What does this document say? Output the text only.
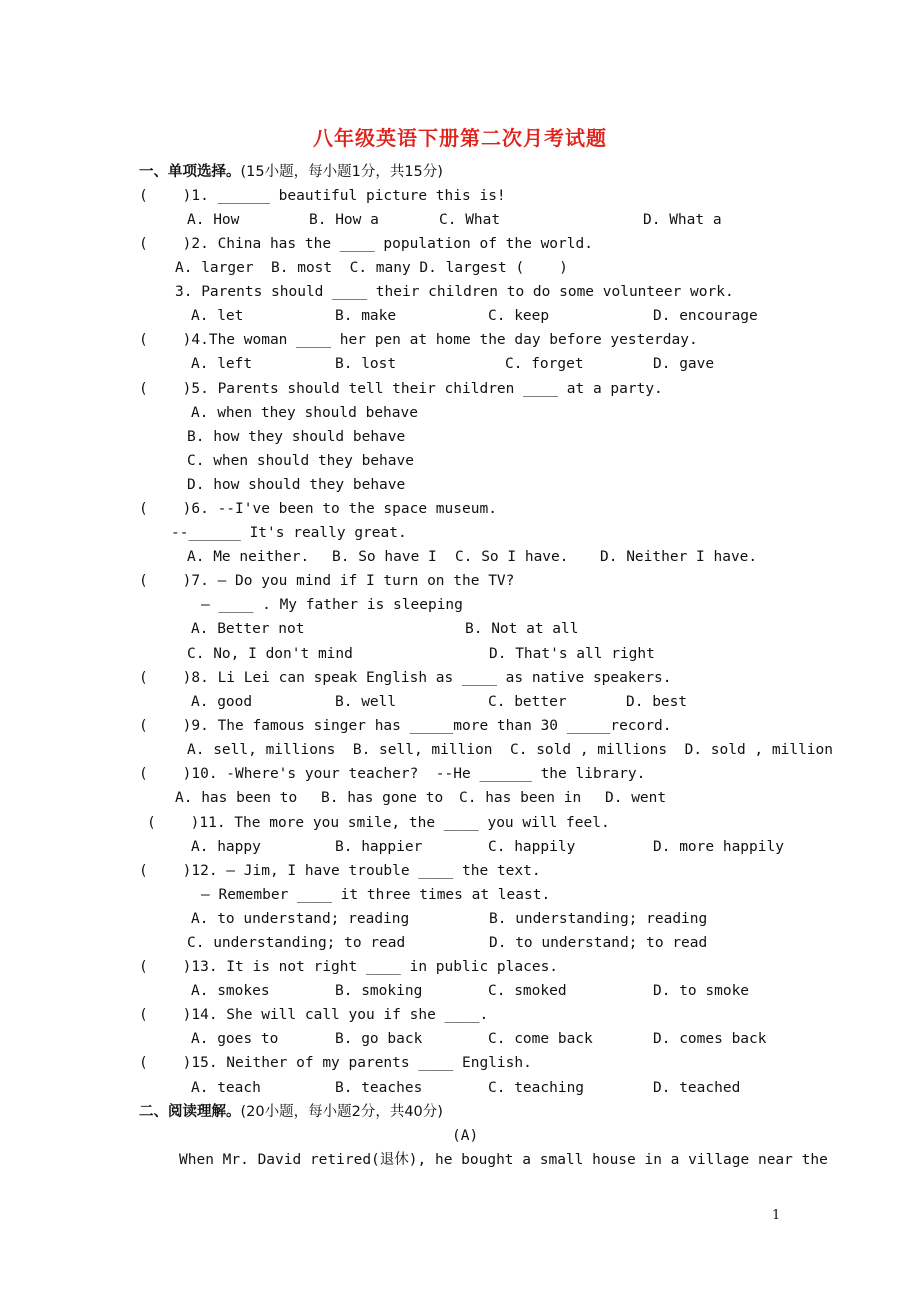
八年级英语下册第二次月考试题
一、单项选择。(15小题，每小题1分，共15分)
(    )1. ______ beautiful picture this is!
A. How	B. How a	C. What	D. What a
(    )2. China has the ____ population of the world.
A. larger  B. most  C. many D. largest (    )
3. Parents should ____ their children to do some volunteer work.
A. let	B. make	C. keep	D. encourage
(    )4.The woman ____ her pen at home the day before yesterday.
A. left	B. lost	C. forget	D. gave
(    )5. Parents should tell their children ____ at a party.
A. when they should behave
B. how they should behave
C. when should they behave
D. how should they behave
(    )6. --I've been to the space museum.
--______ It's really great.
A. Me neither. B. So have I C. So I have. D. Neither I have.
(    )7. — Do you mind if I turn on the TV?
— ____ . My father is sleeping
A. Better not	B. Not at all
C. No, I don't mind	D. That's all right
(    )8. Li Lei can speak English as ____ as native speakers.
A. good	B. well	C. better	D. best
(    )9. The famous singer has _____more than 30 _____record.
A. sell, millions  B. sell, million  C. sold , millions  D. sold , million
(    )10. -Where's your teacher?  --He ______ the library.
A. has been to B. has gone to C. has been in D. went
(    )11. The more you smile, the ____ you will feel.
A. happy	B. happier	C. happily	D. more happily
(    )12. — Jim, I have trouble ____ the text.
— Remember ____ it three times at least.
A. to understand; reading	B. understanding; reading
C. understanding; to read	D. to understand; to read
(    )13. It is not right ____ in public places.
A. smokes	B. smoking	C. smoked	D. to smoke
(    )14. She will call you if she ____.
A. goes to	B. go back	C. come back	D. comes back
(    )15. Neither of my parents ____ English.
A. teach	B. teaches	C. teaching	D. teached
二、阅读理解。(20小题，每小题2分，共40分)
(A)
When Mr. David retired(退休), he bought a small house in a village near the
1
